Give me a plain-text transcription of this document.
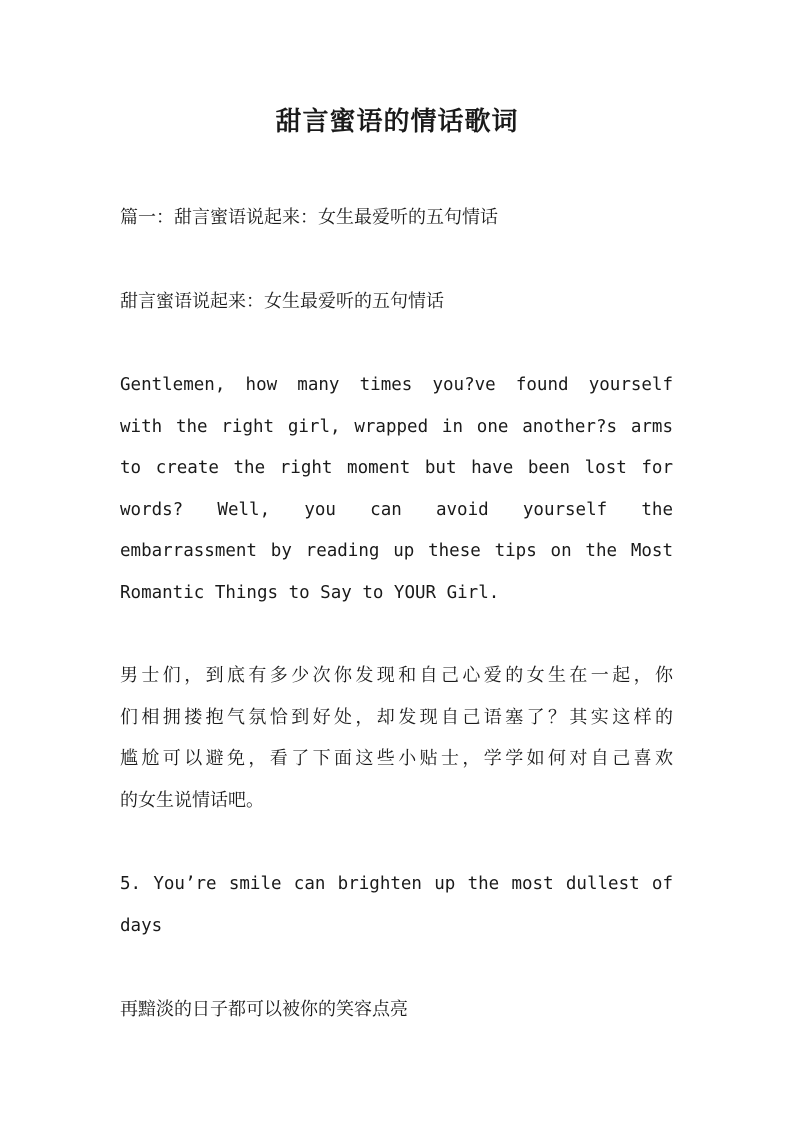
甜言蜜语的情话歌词

篇一：甜言蜜语说起来：女生最爱听的五句情话

甜言蜜语说起来：女生最爱听的五句情话

Gentlemen, how many times you?ve found yourself
with the right girl, wrapped in one another?s arms
to create the right moment but have been lost for
words? Well, you can avoid yourself the
embarrassment by reading up these tips on the Most
Romantic Things to Say to YOUR Girl.
男士们，到底有多少次你发现和自己心爱的女生在一起，你
们相拥搂抱气氛恰到好处，却发现自己语塞了？其实这样的
尴尬可以避免，看了下面这些小贴士，学学如何对自己喜欢
的女生说情话吧。
5. You’re smile can brighten up the most dullest of
days

再黯淡的日子都可以被你的笑容点亮
